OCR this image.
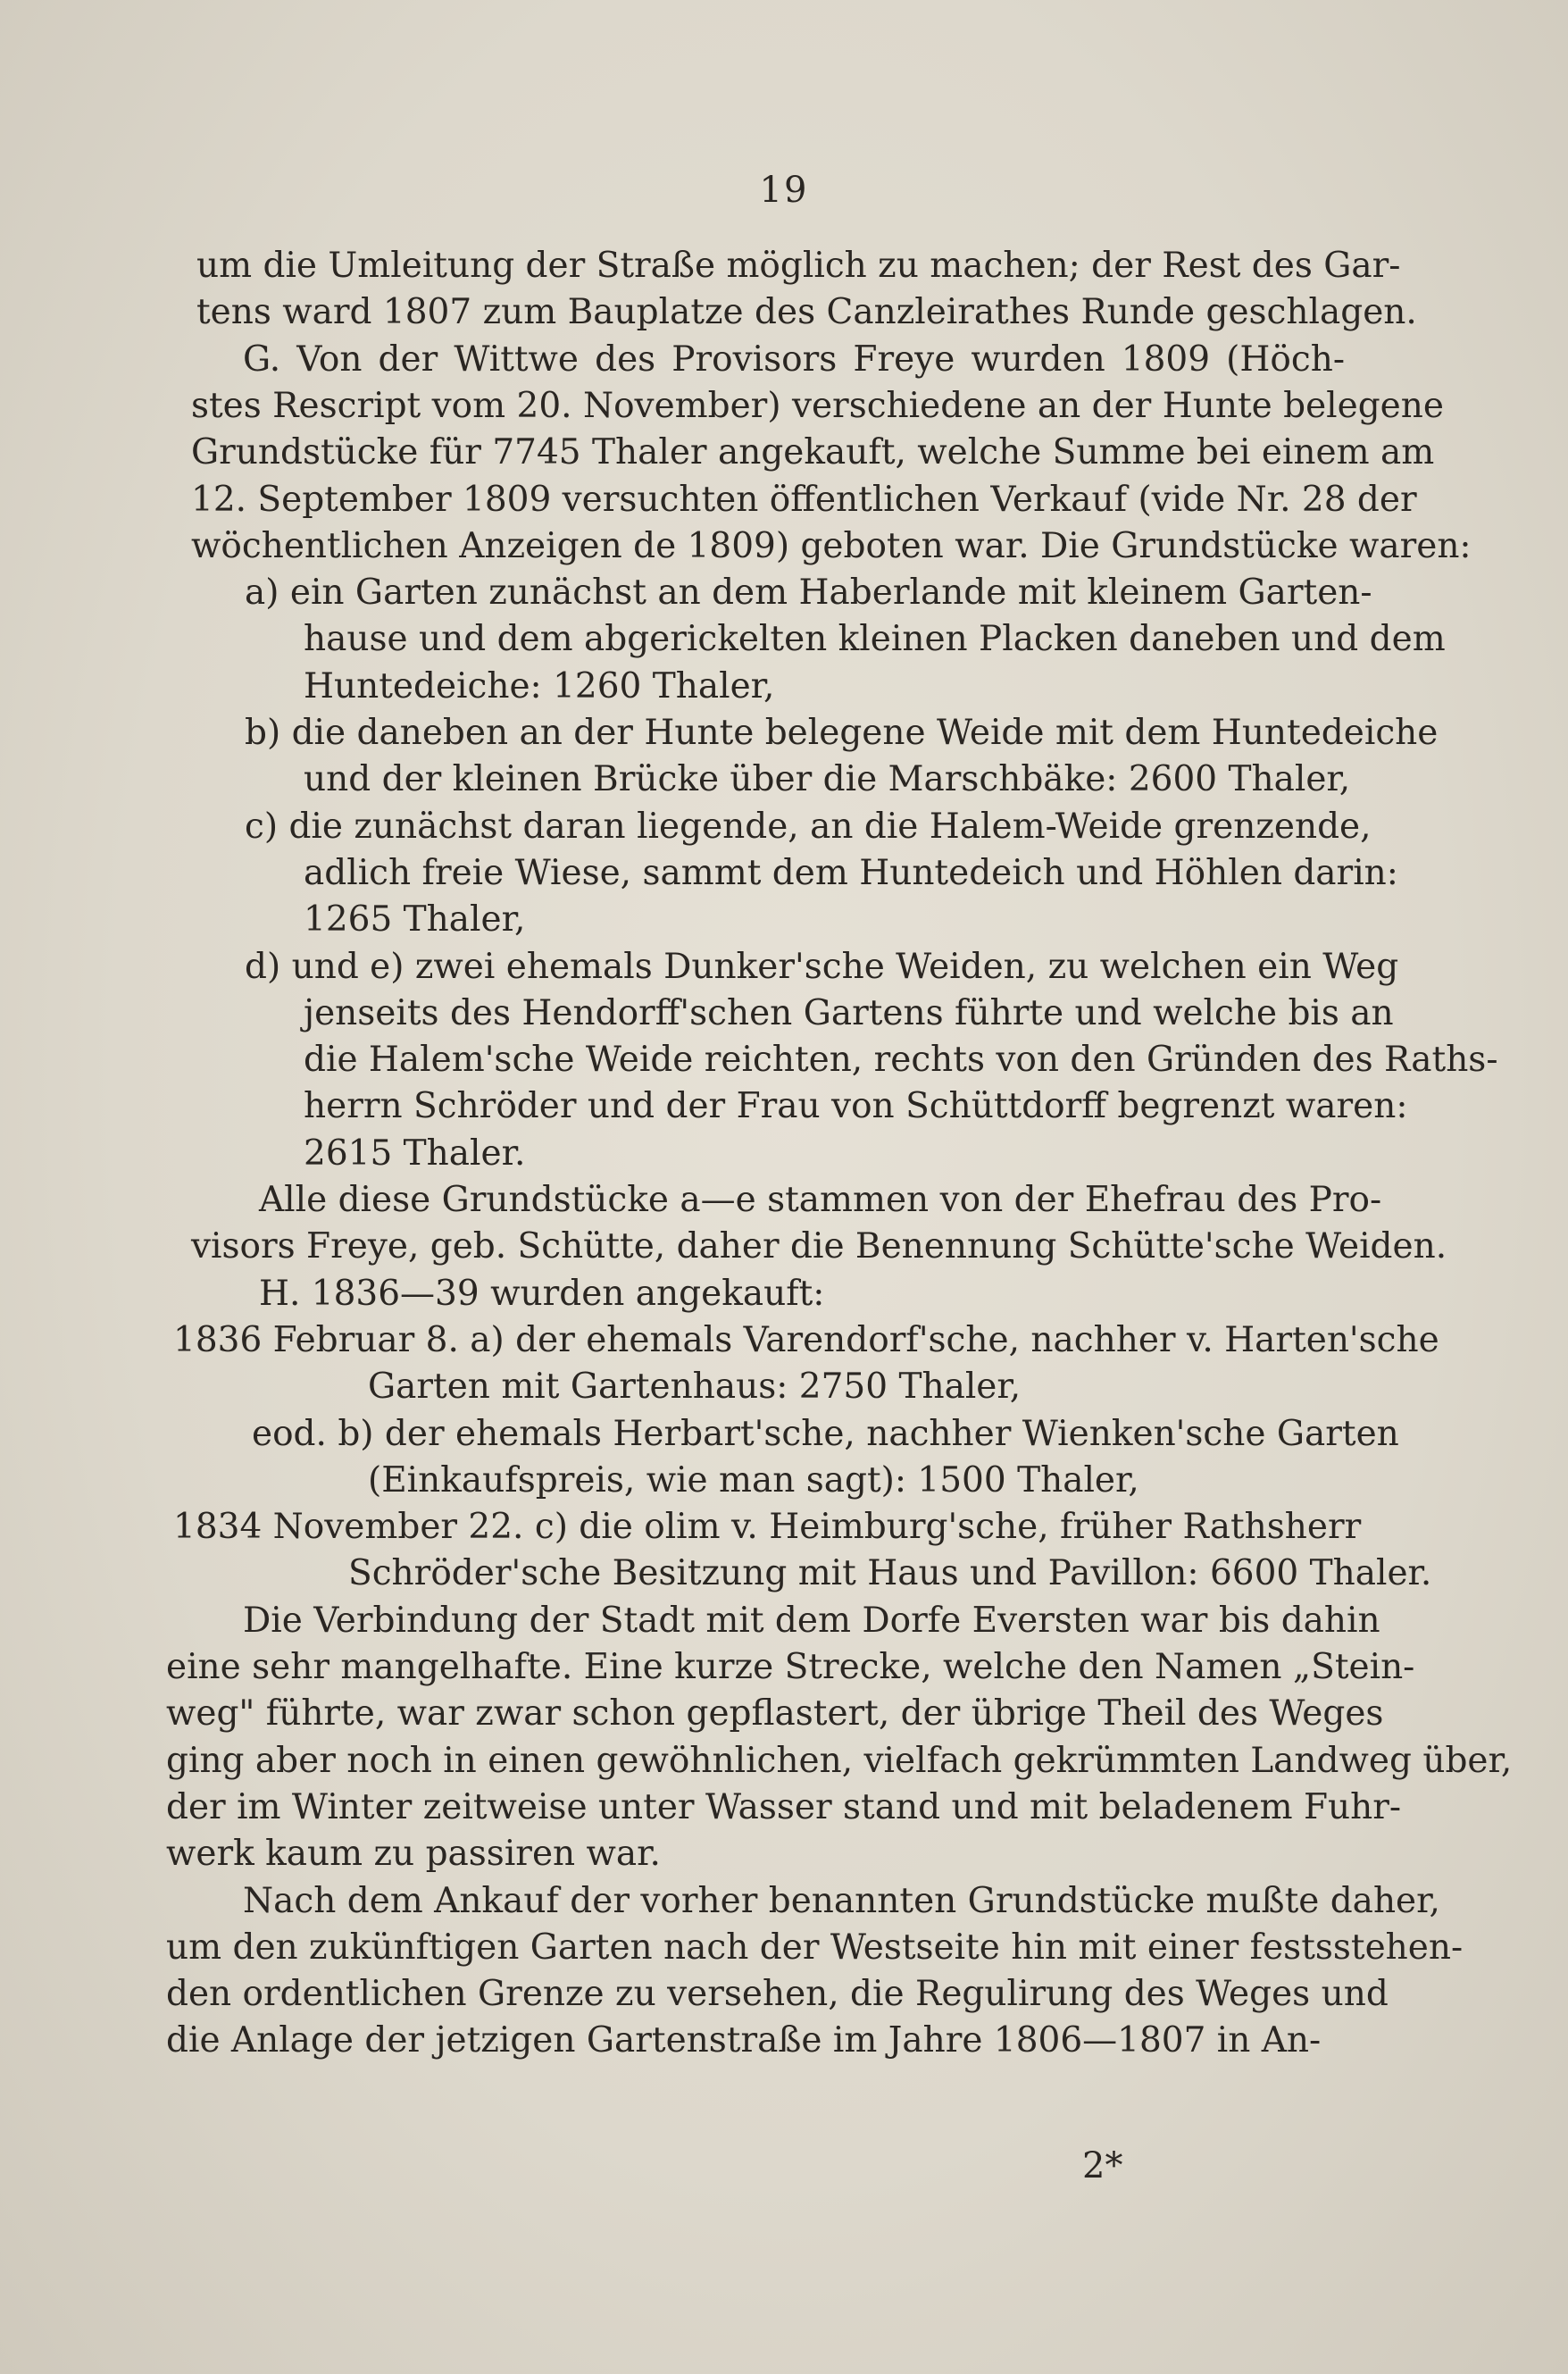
19
um die Umleitung der Straße möglich zu machen; der Rest des Gar-
tens ward 1807 zum Bauplatze des Canzleirathes Runde geschlagen.
G. Von der Wittwe des Provisors Freye wurden 1809 (Höch-
stes Rescript vom 20. November) verschiedene an der Hunte belegene
Grundstücke für 7745 Thaler angekauft, welche Summe bei einem am
12. September 1809 versuchten öffentlichen Verkauf (vide Nr. 28 der
wöchentlichen Anzeigen de 1809) geboten war. Die Grundstücke waren:
a) ein Garten zunächst an dem Haberlande mit kleinem Garten-
hause und dem abgerickelten kleinen Placken daneben und dem
Huntedeiche: 1260 Thaler,
b) die daneben an der Hunte belegene Weide mit dem Huntedeiche
und der kleinen Brücke über die Marschbäke: 2600 Thaler,
c) die zunächst daran liegende, an die Halem-Weide grenzende,
adlich freie Wiese, sammt dem Huntedeich und Höhlen darin:
1265 Thaler,
d) und e) zwei ehemals Dunker'sche Weiden, zu welchen ein Weg
jenseits des Hendorff'schen Gartens führte und welche bis an
die Halem'sche Weide reichten, rechts von den Gründen des Raths-
herrn Schröder und der Frau von Schüttdorff begrenzt waren:
2615 Thaler.
Alle diese Grundstücke a—e stammen von der Ehefrau des Pro-
visors Freye, geb. Schütte, daher die Benennung Schütte'sche Weiden.
H. 1836—39 wurden angekauft:
1836 Februar 8. a) der ehemals Varendorf'sche, nachher v. Harten'sche
Garten mit Gartenhaus: 2750 Thaler,
eod. b) der ehemals Herbart'sche, nachher Wienken'sche Garten
(Einkaufspreis, wie man sagt): 1500 Thaler,
1834 November 22. c) die olim v. Heimburg'sche, früher Rathsherr
Schröder'sche Besitzung mit Haus und Pavillon: 6600 Thaler.
Die Verbindung der Stadt mit dem Dorfe Eversten war bis dahin
eine sehr mangelhafte. Eine kurze Strecke, welche den Namen „Stein-
weg" führte, war zwar schon gepflastert, der übrige Theil des Weges
ging aber noch in einen gewöhnlichen, vielfach gekrümmten Landweg über,
der im Winter zeitweise unter Wasser stand und mit beladenem Fuhr-
werk kaum zu passiren war.
Nach dem Ankauf der vorher benannten Grundstücke mußte daher,
um den zukünftigen Garten nach der Westseite hin mit einer festsstehen-
den ordentlichen Grenze zu versehen, die Regulirung des Weges und
die Anlage der jetzigen Gartenstraße im Jahre 1806—1807 in An-
2*
